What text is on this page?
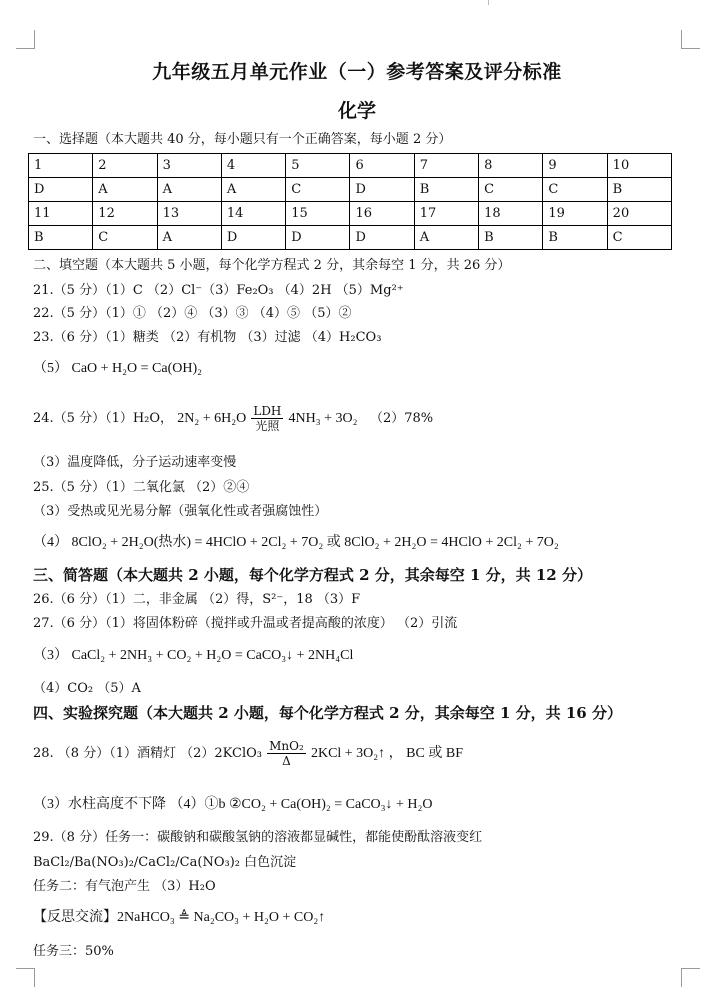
九年级五月单元作业（一）参考答案及评分标准
化学
一、选择题（本大题共 40 分，每小题只有一个正确答案，每小题 2 分）
1	2	3	4	5	6	7	8	9	10
D	A	A	A	C	D	B	C	C	B
11	12	13	14	15	16	17	18	19	20
B	C	A	D	D	D	A	B	B	C
二、填空题（本大题共 5 小题，每个化学方程式 2 分，其余每空 1 分，共 26 分）
21.（5 分）（1）C （2）Cl⁻（3）Fe₂O₃ （4）2H （5）Mg²⁺
22.（5 分）（1）① （2）④ （3）③ （4）⑤ （5）②
23.（6 分）（1）糖类 （2）有机物 （3）过滤 （4）H₂CO₃
（5） CaO + H₂O = Ca(OH)₂
24.（5 分）（1）H₂O， $2N_2 + 6H_2O \frac{\text{LDH}}{\text{光照}} 4NH_3 + 3O_2$ （2）78%
（3）温度降低，分子运动速率变慢
25.（5 分）（1）二氧化氯 （2）②④
（3）受热或见光易分解（强氧化性或者强腐蚀性）
（4） 8ClO₂ + 2H₂O(热水) = 4HClO + 2Cl₂ + 7O₂ 或 8ClO₂ + 2H₂O = 4HClO + 2Cl₂ + 7O₂
三、简答题（本大题共 2 小题，每个化学方程式 2 分，其余每空 1 分，共 12 分）
26.（6 分）（1）二，非金属 （2）得，S²⁻，18 （3）F
27.（6 分）（1）将固体粉碎（搅拌或升温或者提高酸的浓度） （2）引流
（3） CaCl₂ + 2NH₃ + CO₂ + H₂O = CaCO₃↓ + 2NH₄Cl
（4）CO₂ （5）A
四、实验探究题（本大题共 2 小题，每个化学方程式 2 分，其余每空 1 分，共 16 分）
28. （8 分）（1）酒精灯 （2）2KClO₃ $\frac{\text{MnO₂}}{\Delta} 2KCl$ + 3O₂↑ ， BC 或 BF
（3）水柱高度不下降 （4）①b ②CO₂ + Ca(OH)₂ = CaCO₃↓ + H₂O
29.（8 分）任务一：碳酸钠和碳酸氢钠的溶液都显碱性，都能使酚酞溶液变红
BaCl₂/Ba(NO₃)₂/CaCl₂/Ca(NO₃)₂ 白色沉淀
任务二：有气泡产生 （3）H₂O
【反思交流】2NaHCO₃ ≜ Na₂CO₃ + H₂O + CO₂↑
任务三：50%
